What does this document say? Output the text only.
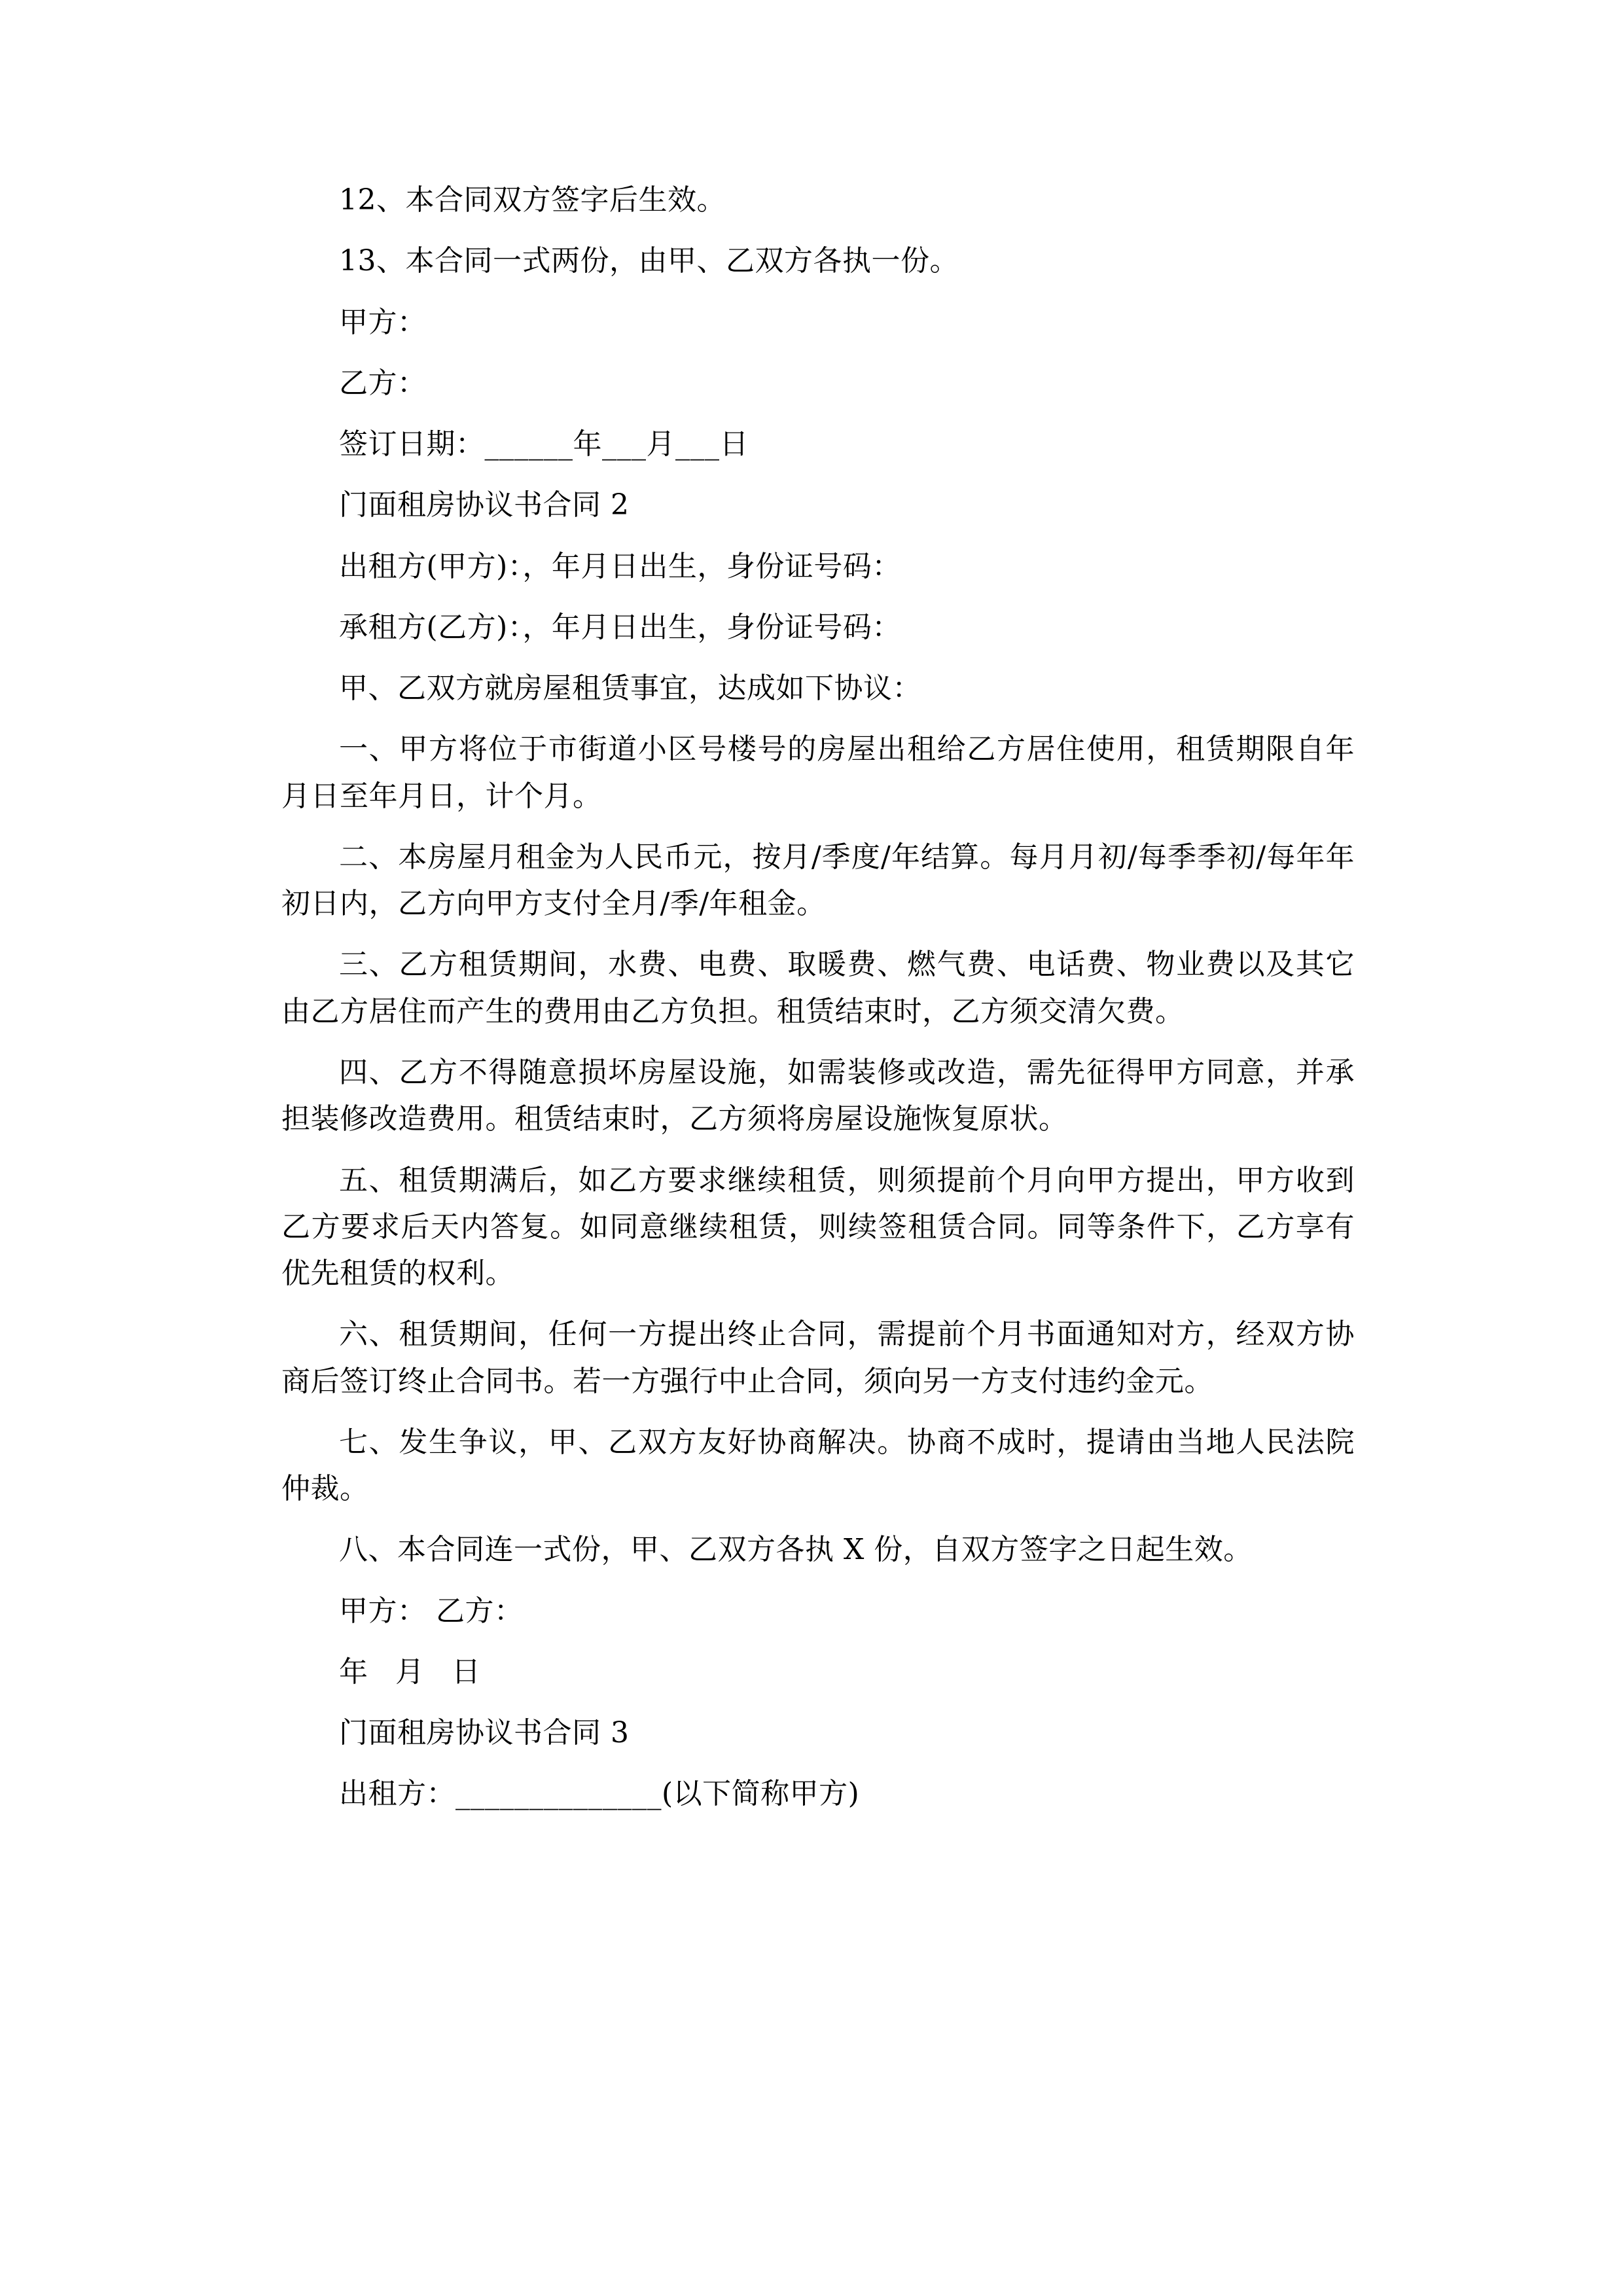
12、本合同双方签字后生效。

13、本合同一式两份，由甲、乙双方各执一份。

甲方：

乙方：

签订日期：______年___月___日

门面租房协议书合同 2

出租方(甲方)：，年月日出生，身份证号码：

承租方(乙方)：，年月日出生，身份证号码：

甲、乙双方就房屋租赁事宜，达成如下协议：

一、甲方将位于市街道小区号楼号的房屋出租给乙方居住使用，租赁期限自年月日至年月日，计个月。

二、本房屋月租金为人民币元，按月/季度/年结算。每月月初/每季季初/每年年初日内，乙方向甲方支付全月/季/年租金。

三、乙方租赁期间，水费、电费、取暖费、燃气费、电话费、物业费以及其它由乙方居住而产生的费用由乙方负担。租赁结束时，乙方须交清欠费。

四、乙方不得随意损坏房屋设施，如需装修或改造，需先征得甲方同意，并承担装修改造费用。租赁结束时，乙方须将房屋设施恢复原状。

五、租赁期满后，如乙方要求继续租赁，则须提前个月向甲方提出，甲方收到乙方要求后天内答复。如同意继续租赁，则续签租赁合同。同等条件下，乙方享有优先租赁的权利。

六、租赁期间，任何一方提出终止合同，需提前个月书面通知对方，经双方协商后签订终止合同书。若一方强行中止合同，须向另一方支付违约金元。

七、发生争议，甲、乙双方友好协商解决。协商不成时，提请由当地人民法院仲裁。

八、本合同连一式份，甲、乙双方各执 X 份，自双方签字之日起生效。

甲方： 乙方：

年 月 日

门面租房协议书合同 3

出租方：______________(以下简称甲方)
